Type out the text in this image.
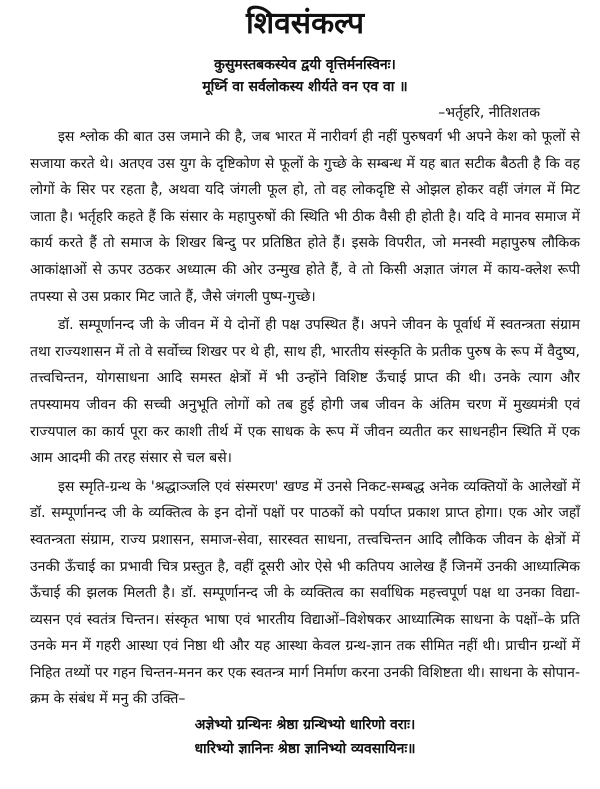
शिवसंकल्प

कुसुमस्तबकस्येव द्वयी वृत्तिर्मनस्विनः।

मूर्ध्नि वा सर्वलोकस्य शीर्यते वन एव वा ॥

–भर्तृहरि, नीतिशतक

इस श्लोक की बात उस जमाने की है, जब भारत में नारीवर्ग ही नहीं पुरुषवर्ग भी अपने केश को फूलों से सजाया करते थे। अतएव उस युग के दृष्टिकोण से फूलों के गुच्छे के सम्बन्ध में यह बात सटीक बैठती है कि वह लोगों के सिर पर रहता है, अथवा यदि जंगली फूल हो, तो वह लोकदृष्टि से ओझल होकर वहीं जंगल में मिट जाता है। भर्तृहरि कहते हैं कि संसार के महापुरुषों की स्थिति भी ठीक वैसी ही होती है। यदि वे मानव समाज में कार्य करते हैं तो समाज के शिखर बिन्दु पर प्रतिष्ठित होते हैं। इसके विपरीत, जो मनस्वी महापुरुष लौकिक आकांक्षाओं से ऊपर उठकर अध्यात्म की ओर उन्मुख होते हैं, वे तो किसी अज्ञात जंगल में काय-क्लेश रूपी तपस्या से उस प्रकार मिट जाते हैं, जैसे जंगली पुष्प-गुच्छे।

डॉ. सम्पूर्णानन्द जी के जीवन में ये दोनों ही पक्ष उपस्थित हैं। अपने जीवन के पूर्वार्ध में स्वतन्त्रता संग्राम तथा राज्यशासन में तो वे सर्वोच्च शिखर पर थे ही, साथ ही, भारतीय संस्कृति के प्रतीक पुरुष के रूप में वैदुष्य, तत्त्वचिन्तन, योगसाधना आदि समस्त क्षेत्रों में भी उन्होंने विशिष्ट ऊँचाई प्राप्त की थी। उनके त्याग और तपस्यामय जीवन की सच्ची अनुभूति लोगों को तब हुई होगी जब जीवन के अंतिम चरण में मुख्यमंत्री एवं राज्यपाल का कार्य पूरा कर काशी तीर्थ में एक साधक के रूप में जीवन व्यतीत कर साधनहीन स्थिति में एक आम आदमी की तरह संसार से चल बसे।

इस स्मृति-ग्रन्थ के 'श्रद्धाञ्जलि एवं संस्मरण' खण्ड में उनसे निकट-सम्बद्ध अनेक व्यक्तियों के आलेखों में डॉ. सम्पूर्णानन्द जी के व्यक्तित्व के इन दोनों पक्षों पर पाठकों को पर्याप्त प्रकाश प्राप्त होगा। एक ओर जहाँ स्वतन्त्रता संग्राम, राज्य प्रशासन, समाज-सेवा, सारस्वत साधना, तत्त्वचिन्तन आदि लौकिक जीवन के क्षेत्रों में उनकी ऊँचाई का प्रभावी चित्र प्रस्तुत है, वहीं दूसरी ओर ऐसे भी कतिपय आलेख हैं जिनमें उनकी आध्यात्मिक ऊँचाई की झलक मिलती है। डॉ. सम्पूर्णानन्द जी के व्यक्तित्व का सर्वाधिक महत्त्वपूर्ण पक्ष था उनका विद्या-व्यसन एवं स्वतंत्र चिन्तन। संस्कृत भाषा एवं भारतीय विद्याओं–विशेषकर आध्यात्मिक साधना के पक्षों–के प्रति उनके मन में गहरी आस्था एवं निष्ठा थी और यह आस्था केवल ग्रन्थ-ज्ञान तक सीमित नहीं थी। प्राचीन ग्रन्थों में निहित तथ्यों पर गहन चिन्तन-मनन कर एक स्वतन्त्र मार्ग निर्माण करना उनकी विशिष्टता थी। साधना के सोपान-क्रम के संबंध में मनु की उक्ति–

अज्ञेभ्यो ग्रन्थिनः श्रेष्ठा ग्रन्थिभ्यो धारिणो वराः।

धारिभ्यो ज्ञानिनः श्रेष्ठा ज्ञानिभ्यो व्यवसायिनः॥
